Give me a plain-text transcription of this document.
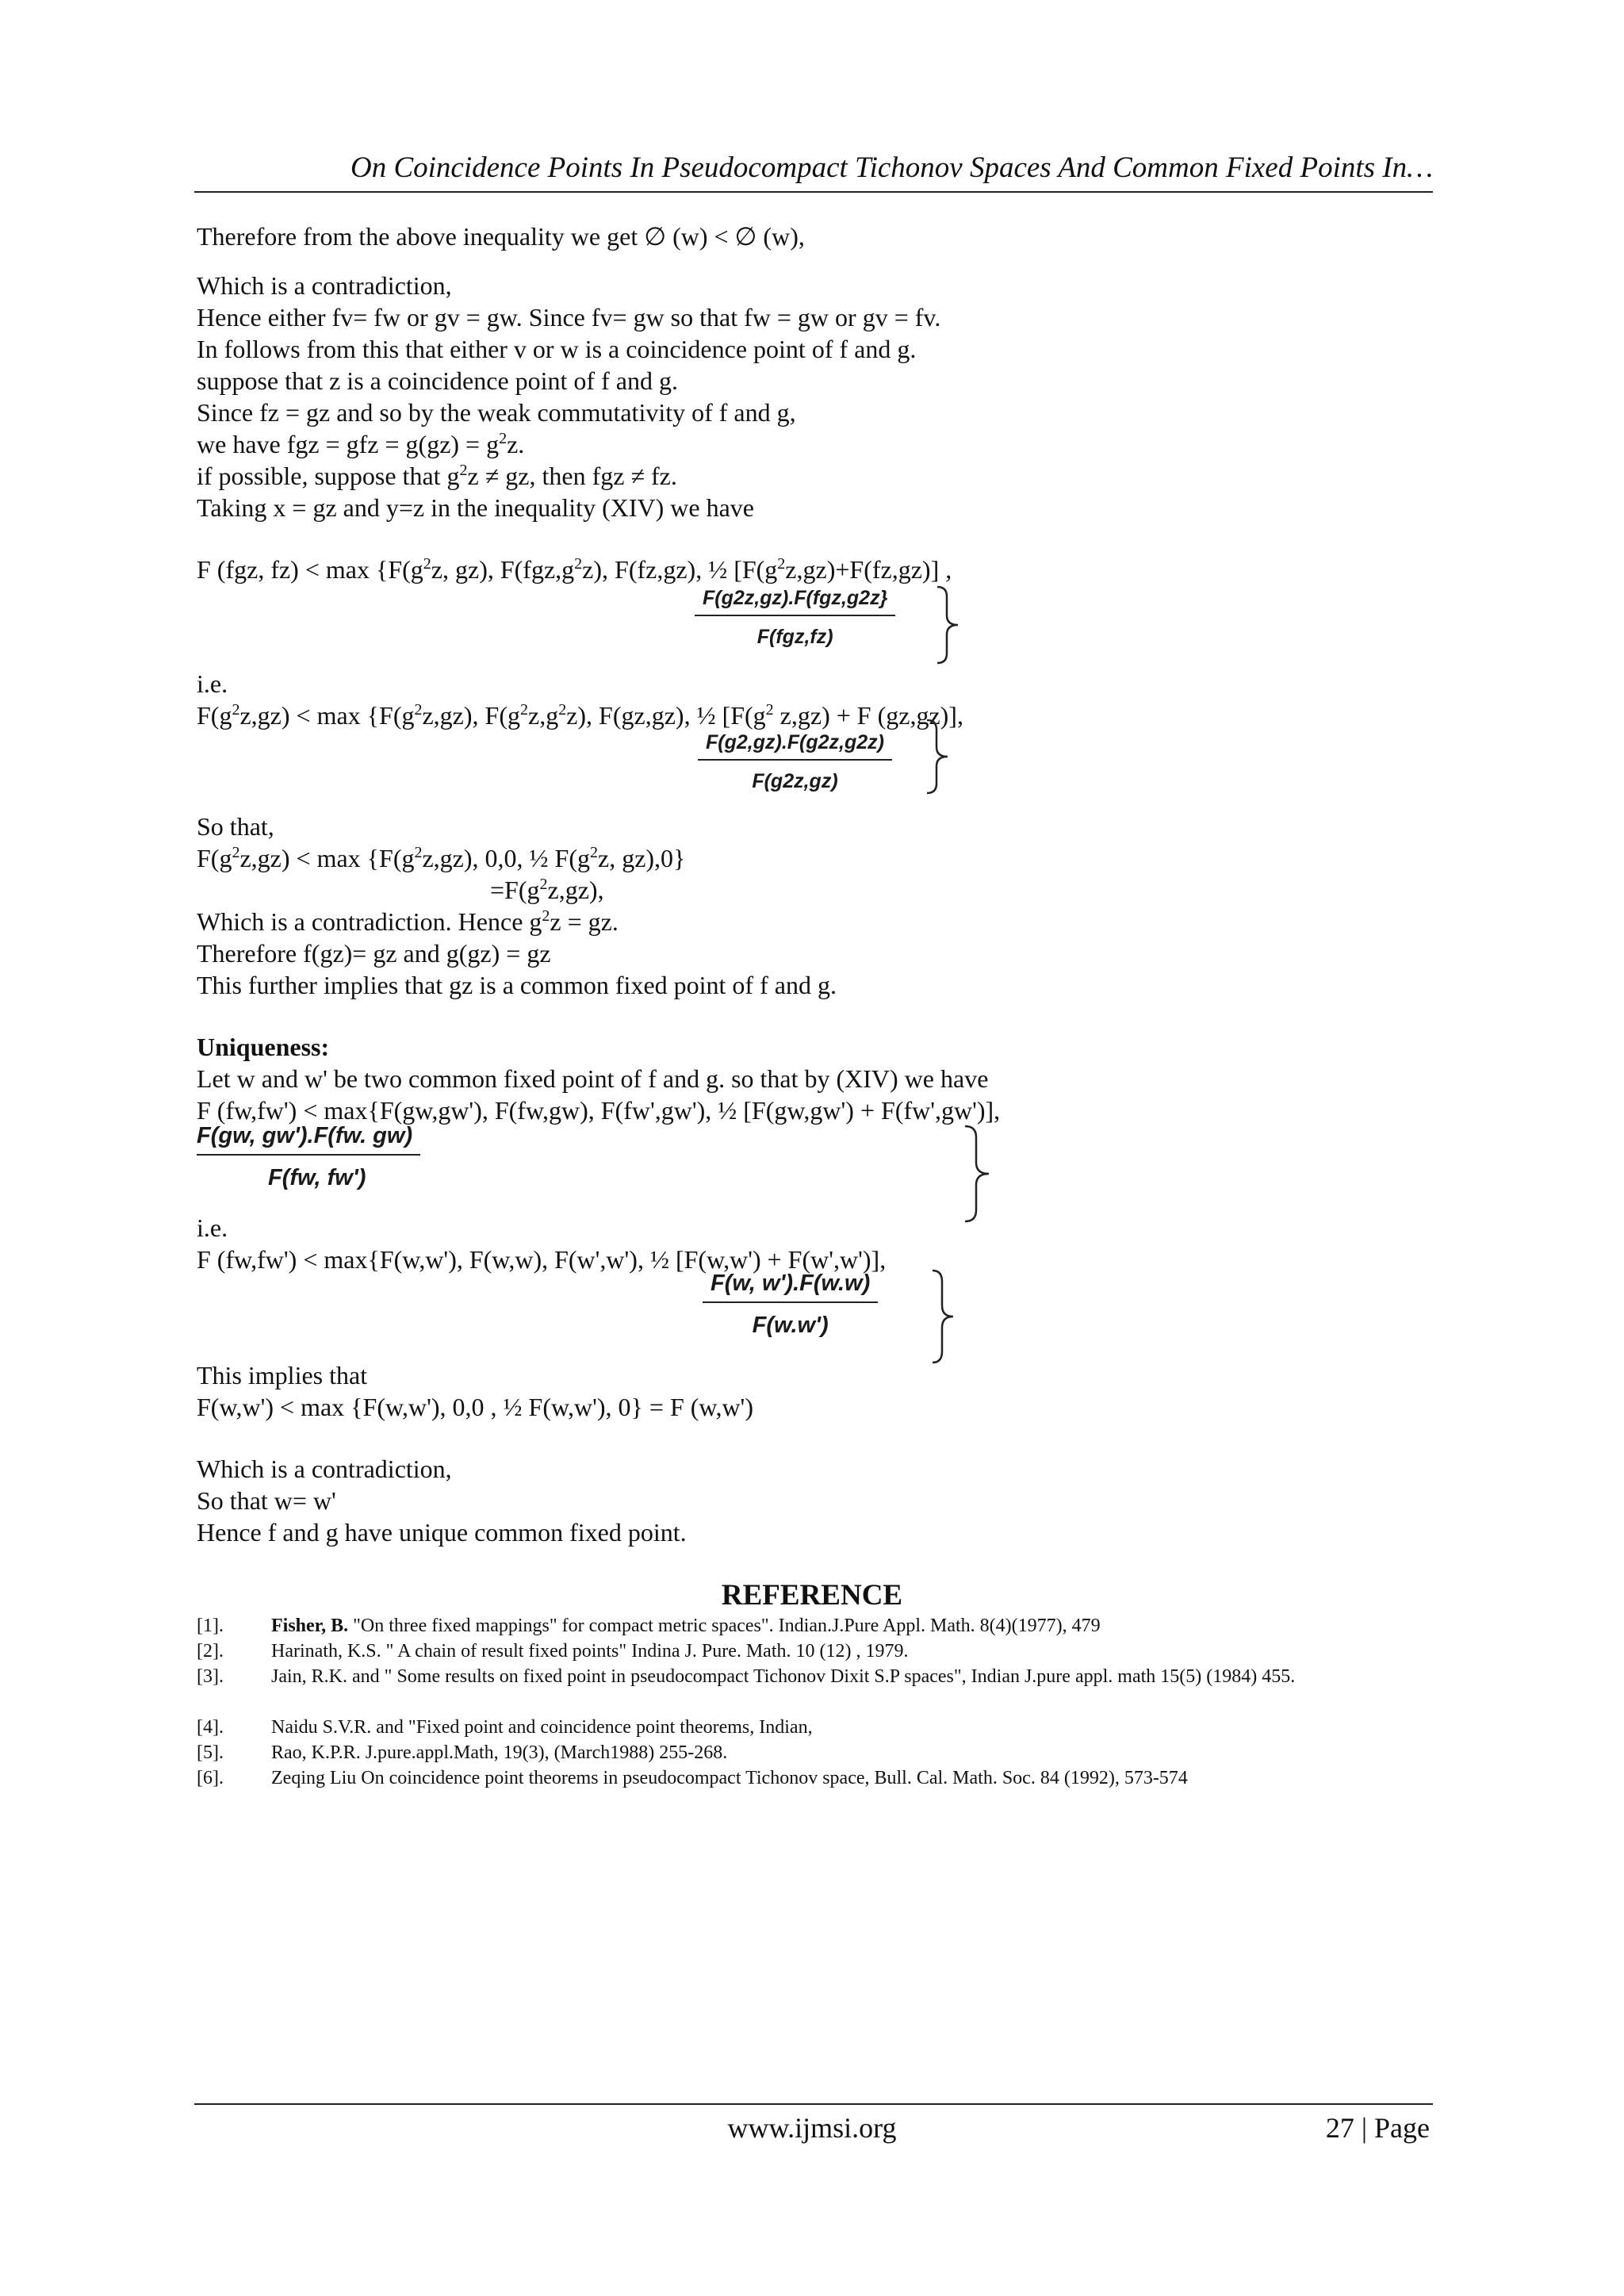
On Coincidence Points In Pseudocompact Tichonov Spaces And Common Fixed Points In…
Therefore from the above inequality we get ∅ (w) < ∅ (w),
Which is a contradiction,
Hence either fv= fw or gv = gw. Since fv= gw so that fw = gw or gv = fv.
In follows from this that either v or w is a coincidence point of f and g.
suppose that z is a coincidence point of f and g.
Since fz = gz and so by the weak commutativity of f and g,
we have fgz = gfz = $g(gz) = g^2z$.
if possible, suppose that $g^2z$ ≠ gz, then fgz ≠ fz.
Taking x = gz and y=z in the inequality (XIV) we have
F (fgz, $fz) < \max \{F(g^2z$, gz), $F(fgz,g^2z)$, F(fz,gz), ½ $[F(g^2z,gz)+F(fz,gz)]$ ,
F(g2z,gz).F(fgz,g2z}
F(fgz,fz)
i.e.
$F(g^2z,gz) < \max \{F(g^2z,gz)$, $F(g^2z,g^2z)$, F(gz,gz), ½ [$F(g^2$ z,gz) + F (gz,gz)],
$\frac{F(g2,gz).F(g2z,g2z)}{F(g2z,gz)}$
So that,
$F(g^2z,gz) < \max \{F(g^2z,gz)$, 0,0, ½ $F(g^2z$, gz),0}
$=F(g^2z,gz)$,
Which is a contradiction. Hence $g^2z$ = gz.
Therefore f(gz)= gz and g(gz) = gz
This further implies that gz is a common fixed point of f and g.
Uniqueness:
Let w and w' be two common fixed point of f and g. so that by (XIV) we have
F (fw,fw') < max{F(gw,gw'), F(fw,gw), F(fw',gw'), ½ [F(gw,gw') + F(fw',gw')],
$\frac{F(gw, gw').F(fw. gw)}{F(fw, fw')}$
i.e.
F (fw,fw') < max{F(w,w'), F(w,w), F(w',w'), ½ [F(w,w') + F(w',w')],
$\frac{F(w, w').F(w.w)}{F(w.w')}$
This implies that
F(w,w') < max {F(w,w'), 0,0 , ½ F(w,w'), 0} = F (w,w')
Which is a contradiction,
So that w= w'
Hence f and g have unique common fixed point.
REFERENCE
[1].	Fisher, B. "On three fixed mappings" for compact metric spaces". Indian.J.Pure Appl. Math. 8(4)(1977), 479
[2].	Harinath, K.S. " A chain of result fixed points" Indina J. Pure. Math. 10 (12) , 1979.
[3].	Jain, R.K. and " Some results on fixed point in pseudocompact Tichonov Dixit S.P spaces", Indian J.pure appl. math 15(5) (1984) 455.
[4].	Naidu S.V.R. and "Fixed point and coincidence point theorems, Indian,
[5].	Rao, K.P.R. J.pure.appl.Math, 19(3), (March1988) 255-268.
[6].	Zeqing Liu On coincidence point theorems in pseudocompact Tichonov space, Bull. Cal. Math. Soc. 84 (1992), 573-574
www.ijmsi.org	27 | Page
